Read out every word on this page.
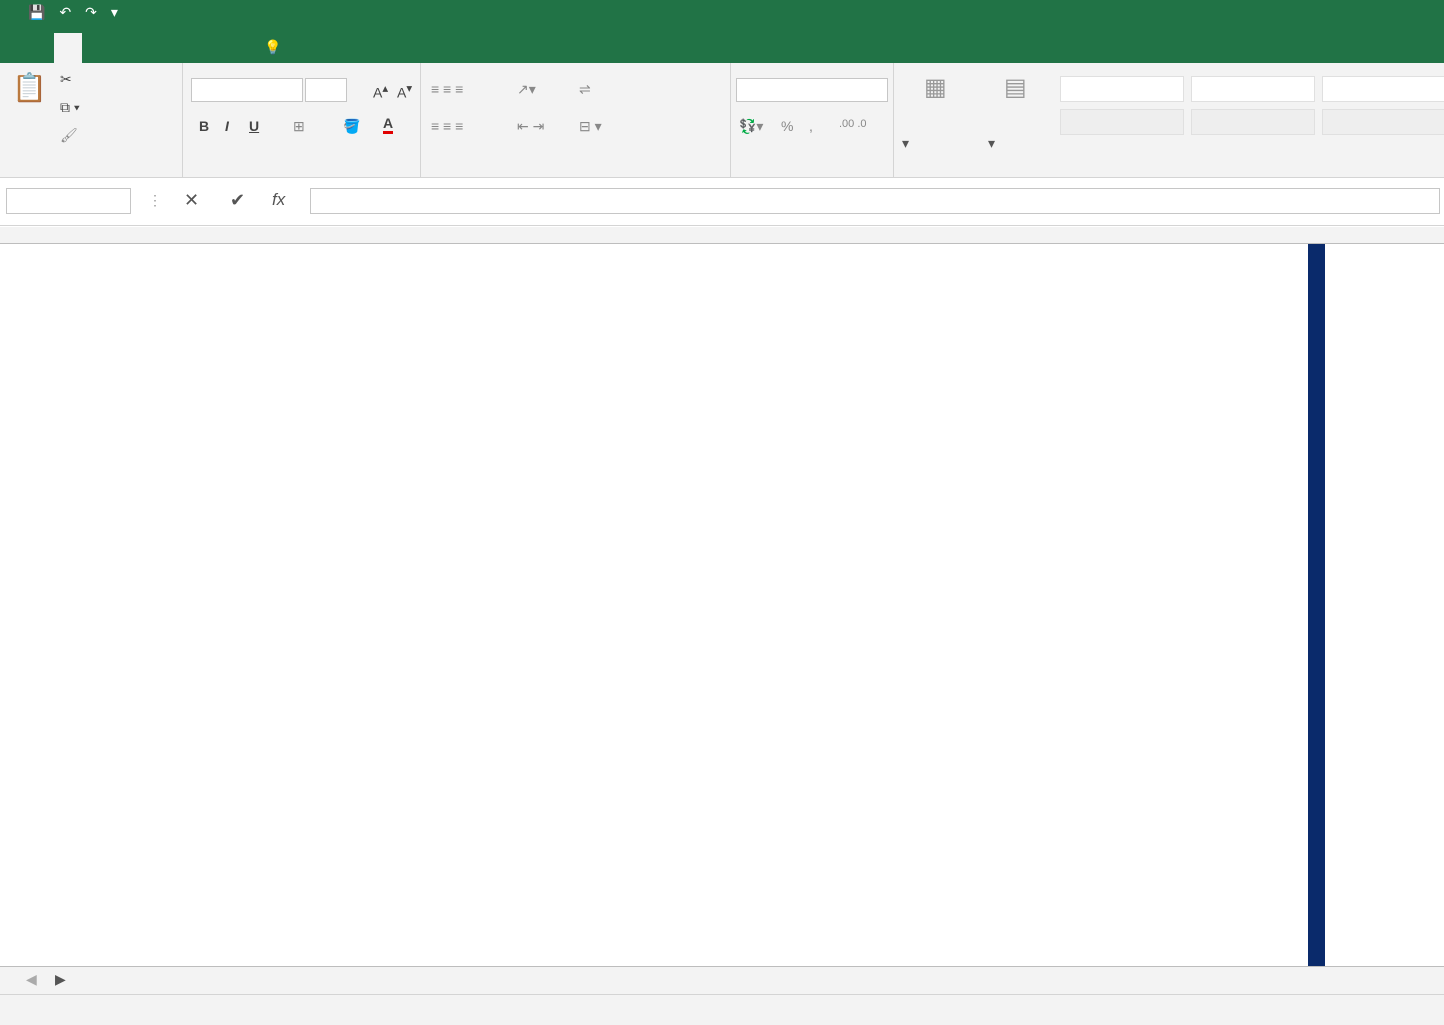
💾 ↶ ↷ ▾
💡
📋 ✂
⧉ ▾
🖌
A▴ A▾
B I U ⊞	🪣 A
≡ ≡ ≡	↗▾	⇌
≡ ≡ ≡	⇤ ⇥ ⊟ ▾	💱▾ % , .00 .0
▦

▾
▤

▾
⋮ ✕ ✔ fx
◀ ▶
